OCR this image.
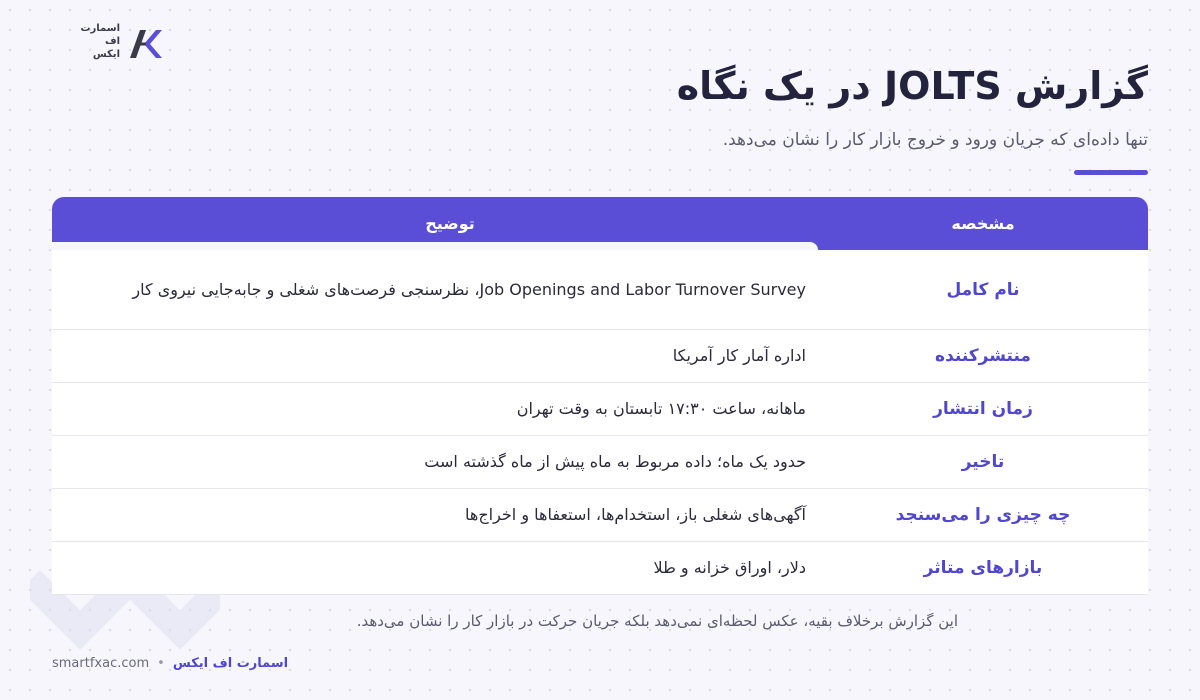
اسمارت
اف
ایکس
گزارش JOLTS در یک نگاه
تنها داده‌ای که جریان ورود و خروج بازار کار را نشان می‌دهد.
مشخصه
توضیح
نام کامل
Job Openings and Labor Turnover Survey، نظرسنجی فرصت‌های شغلی و جابه‌جایی نیروی کار
منتشرکننده
اداره آمار کار آمریکا
زمان انتشار
ماهانه، ساعت ۱۷:۳۰ تابستان به وقت تهران
تاخیر
حدود یک ماه؛ داده مربوط به ماه پیش از ماه گذشته است
چه چیزی را می‌سنجد
آگهی‌های شغلی باز، استخدام‌ها، استعفاها و اخراج‌ها
بازارهای متاثر
دلار، اوراق خزانه و طلا
این گزارش برخلاف بقیه، عکس لحظه‌ای نمی‌دهد بلکه جریان حرکت در بازار کار را نشان می‌دهد.
smartfxac.com • اسمارت اف ایکس
